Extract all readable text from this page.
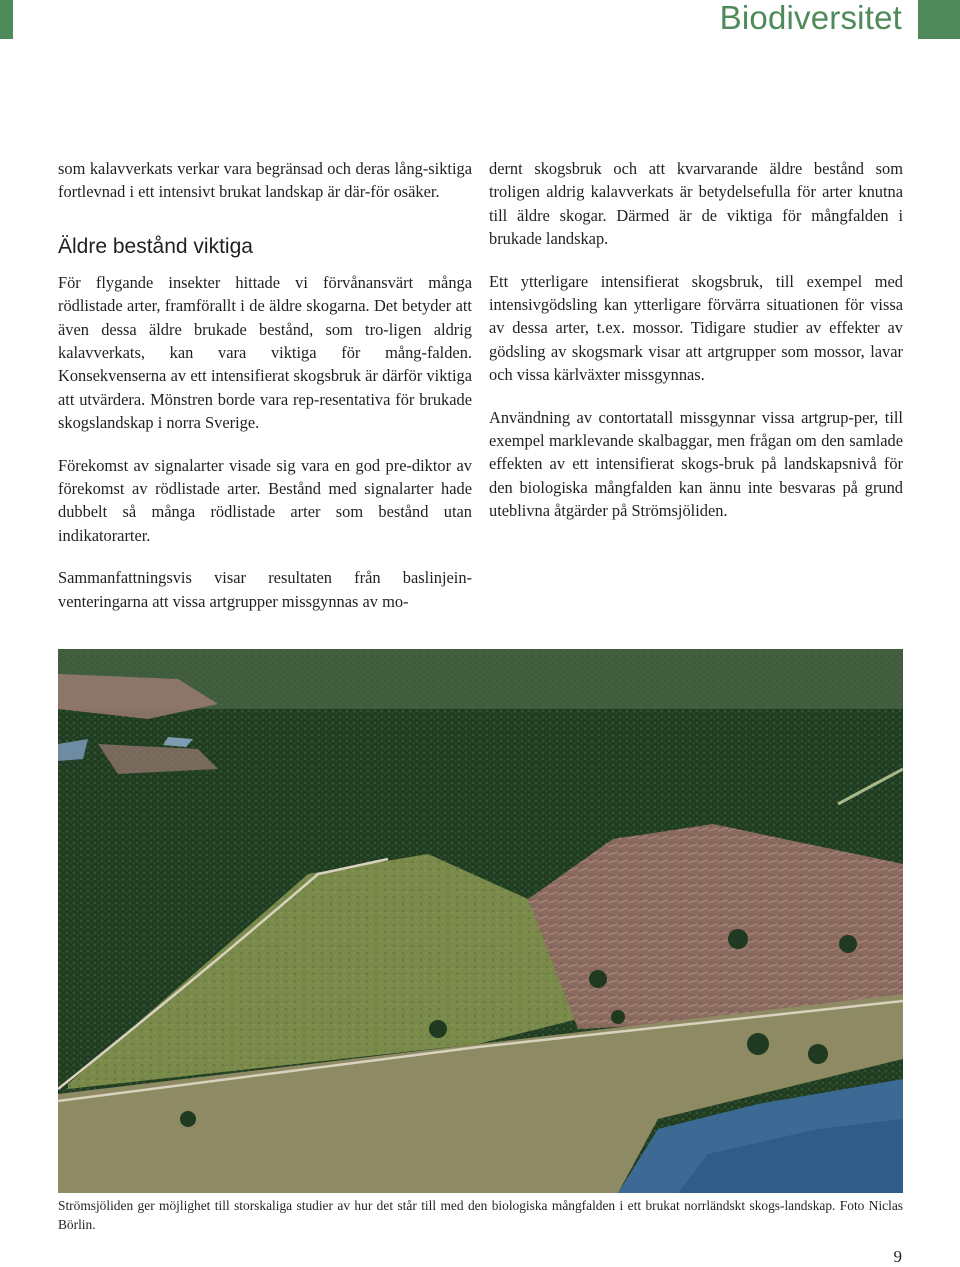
Biodiversitet

som kalavverkats verkar vara begränsad och deras lång-siktiga fortlevnad i ett intensivt brukat landskap är där-för osäker.

Äldre bestånd viktiga

För flygande insekter hittade vi förvånansvärt många rödlistade arter, framförallt i de äldre skogarna. Det betyder att även dessa äldre brukade bestånd, som tro-ligen aldrig kalavverkats, kan vara viktiga för mång-falden. Konsekvenserna av ett intensifierat skogsbruk är därför viktiga att utvärdera. Mönstren borde vara rep-resentativa för brukade skogslandskap i norra Sverige.

Förekomst av signalarter visade sig vara en god pre-diktor av förekomst av rödlistade arter. Bestånd med signalarter hade dubbelt så många rödlistade arter som bestånd utan indikatorarter.

Sammanfattningsvis visar resultaten från baslinjein-venteringarna att vissa artgrupper missgynnas av mo-

dernt skogsbruk och att kvarvarande äldre bestånd som troligen aldrig kalavverkats är betydelsefulla för arter knutna till äldre skogar. Därmed är de viktiga för mångfalden i brukade landskap.

Ett ytterligare intensifierat skogsbruk, till exempel med intensivgödsling kan ytterligare förvärra situationen för vissa av dessa arter, t.ex. mossor. Tidigare studier av effekter av gödsling av skogsmark visar att artgrupper som mossor, lavar och vissa kärlväxter missgynnas.

Användning av contortatall missgynnar vissa artgrup-per, till exempel marklevande skalbaggar, men frågan om den samlade effekten av ett intensifierat skogs-bruk på landskapsnivå för den biologiska mångfalden kan ännu inte besvaras på grund uteblivna åtgärder på Strömsjöliden.

Strömsjöliden ger möjlighet till storskaliga studier av hur det står till med den biologiska mångfalden i ett brukat norrländskt skogs-landskap. Foto Niclas Börlin.
9
